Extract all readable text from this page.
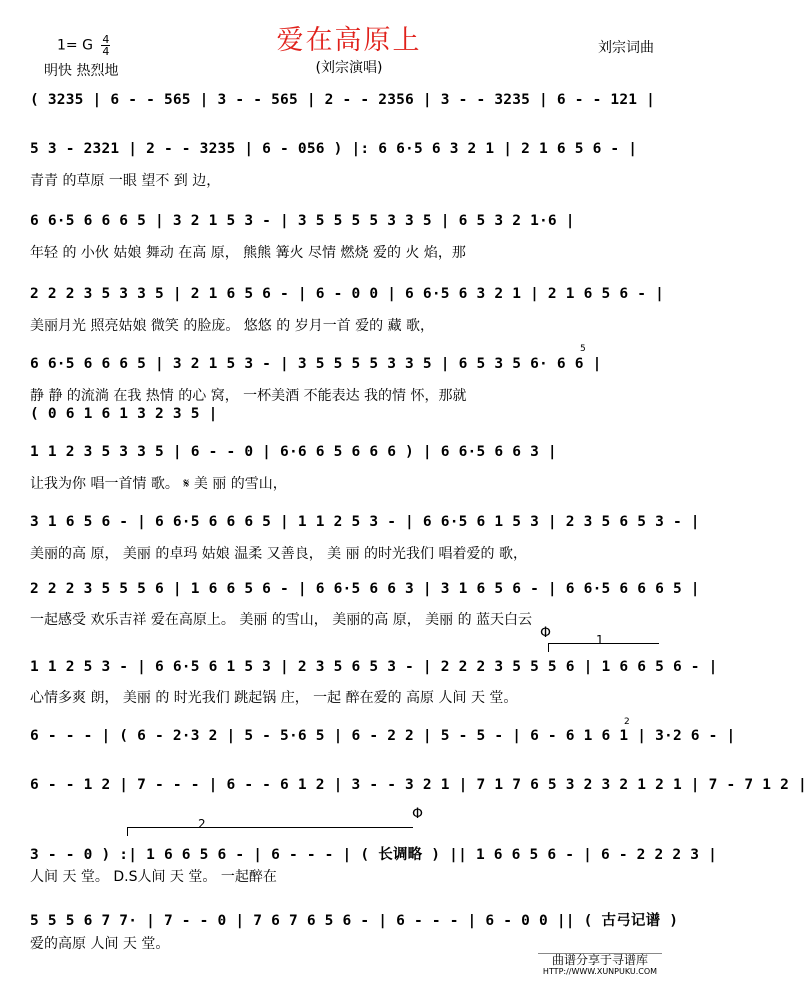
爱在高原上
(刘宗演唱)
1= G $\frac{4}{4}$
明快 热烈地
刘宗词曲
( 3235 | 6 - - 565 | 3 - - 565 | 2 - - 2356 | 3 - - 3235 | 6 - - 121 |
5 3 - 2321 | 2 - - 3235 | 6 - 056 ) |: 6 6·5 6 3 2 1 | 2 1 6 5 6 - |
青青 的草原 一眼 望不 到 边，
6 6·5 6 6 6 5 | 3 2 1 5 3 - | 3 5 5 5 5 3 3 5 | 6 5 3 2 1·6 |
年轻 的 小伙 姑娘 舞动 在高 原， 熊熊 篝火 尽情 燃烧 爱的 火 焰，那
2 2 2 3 5 3 3 5 | 2 1 6 5 6 - | 6 - 0 0 | 6 6·5 6 3 2 1 | 2 1 6 5 6 - |
美丽月光 照亮姑娘 微笑 的脸庞。 悠悠 的 岁月一首 爱的 藏 歌，
6 6·5 6 6 6 5 | 3 2 1 5 3 - | 3 5 5 5 5 3 3 5 | 6 5 3 5 6· 6 6 |
静 静 的流淌 在我 热情 的心 窝， 一杯美酒 不能表达 我的情 怀，那就
( 0 6 1 6 1 3 2 3 5 |
1 1 2 3 5 3 3 5 | 6 - - 0 | 6·6 6 5 6 6 6 ) | 6 6·5 6 6 3 |
让我为你 唱一首情 歌。 𝄋 美 丽 的雪山，
3 1 6 5 6 - | 6 6·5 6 6 6 5 | 1 1 2 5 3 - | 6 6·5 6 1 5 3 | 2 3 5 6 5 3 - |
美丽的高 原， 美丽 的卓玛 姑娘 温柔 又善良， 美 丽 的时光我们 唱着爱的 歌，
2 2 2 3 5 5 5 6 | 1 6 6 5 6 - | 6 6·5 6 6 3 | 3 1 6 5 6 - | 6 6·5 6 6 6 5 |
一起感受 欢乐吉祥 爱在高原上。 美丽 的雪山， 美丽的高 原， 美丽 的 蓝天白云
Φ	1
1 1 2 5 3 - | 6 6·5 6 1 5 3 | 2 3 5 6 5 3 - | 2 2 2 3 5 5 5 6 | 1 6 6 5 6 - |
心情多爽 朗， 美丽 的 时光我们 跳起锅 庄， 一起 醉在爱的 高原 人间 天 堂。
6 - - - | ( 6 - 2·3 2 | 5 - 5·6 5 | 6 - 2 2 | 5 - 5 - | 6 - 6 1 6 1 | 3·2 6 - |
6 - - 1 2 | 7 - - - | 6 - - 6 1 2 | 3 - - 3 2 1 | 7 1 7 6 5 3 2 3 2 1 2 1 | 7 - 7 1 2 |
2
Φ
3 - - 0 ) :| 1 6 6 5 6 - | 6 - - - | ( 长调略 ) || 1 6 6 5 6 - | 6 - 2 2 2 3 |
人间 天 堂。 D.S人间 天 堂。 一起醉在
5 5 5 6 7 7· | 7 - - 0 | 7 6 7 6 5 6 - | 6 - - - | 6 - 0 0 || ( 古弓记谱 )
爱的高原 人间 天 堂。
5
2
曲谱分享于寻谱库
HTTP://WWW.XUNPUKU.COM
